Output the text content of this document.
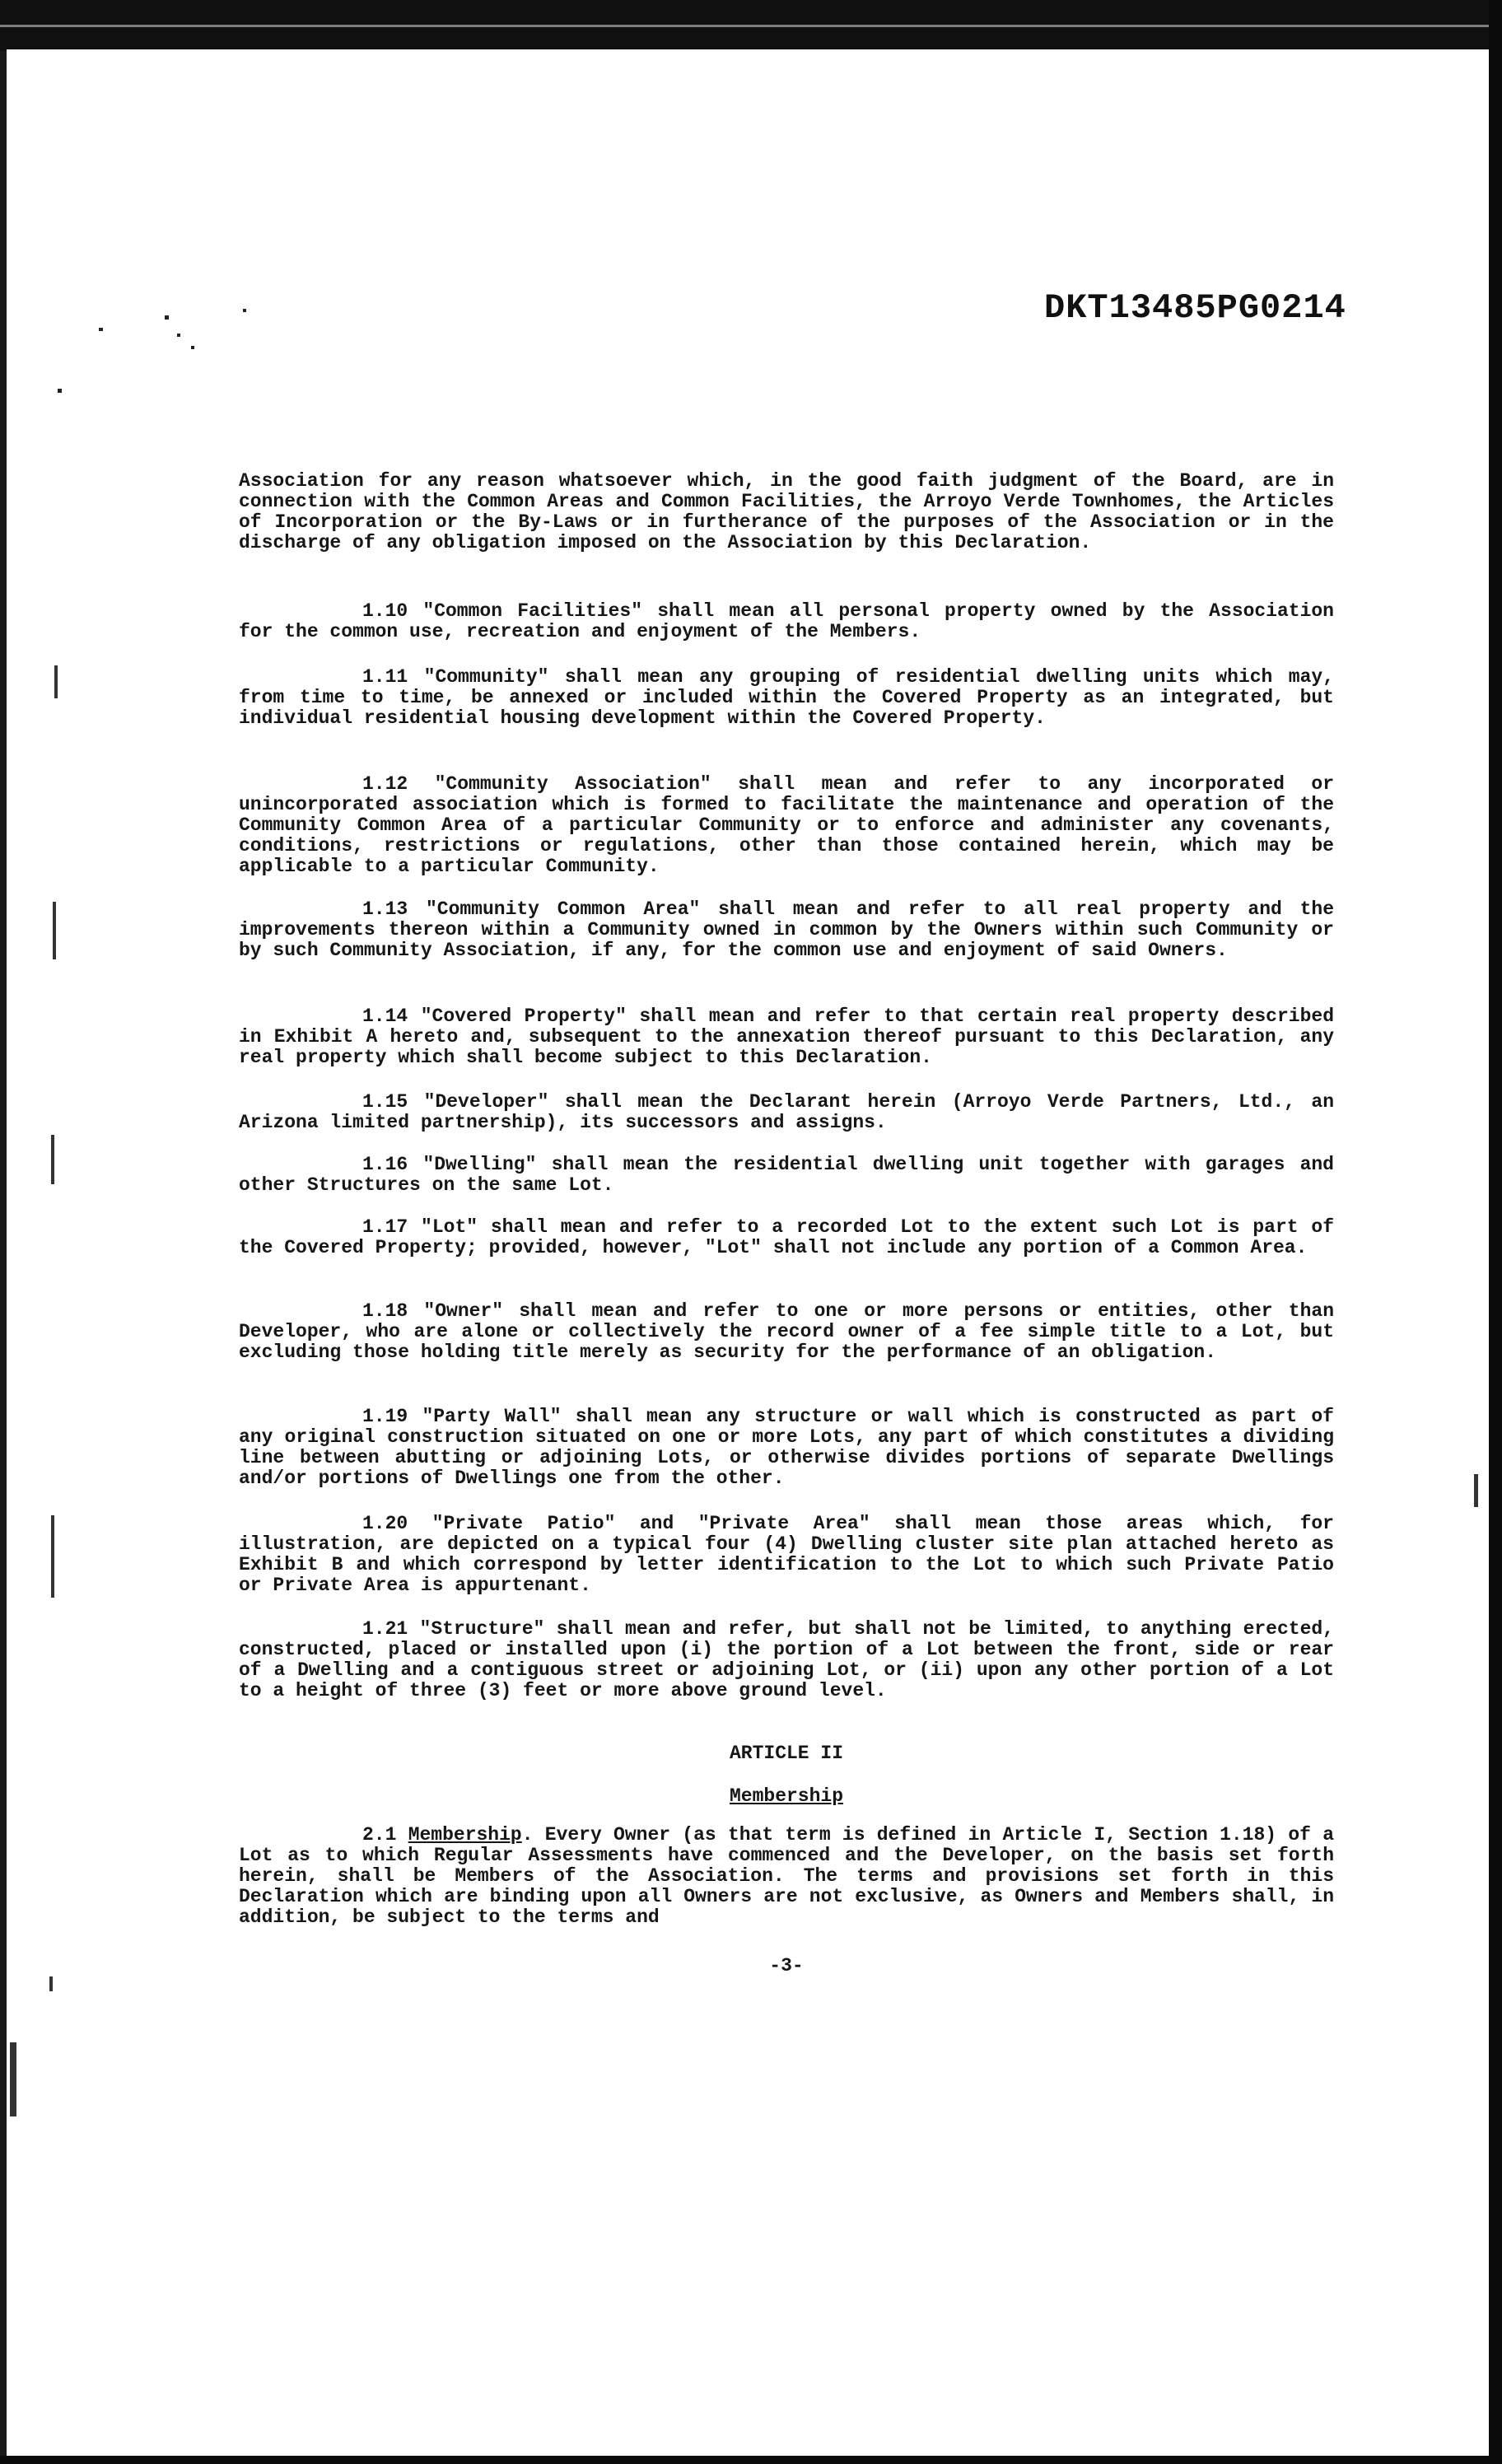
DKT13485PG0214

Association for any reason whatsoever which, in the good faith judgment of the Board, are in connection with the Common Areas and Common Facilities, the Arroyo Verde Townhomes, the Articles of Incorporation or the By-Laws or in furtherance of the purposes of the Association or in the discharge of any obligation imposed on the Association by this Declaration.

1.10 "Common Facilities" shall mean all personal property owned by the Association for the common use, recreation and enjoyment of the Members.

1.11 "Community" shall mean any grouping of residential dwelling units which may, from time to time, be annexed or included within the Covered Property as an integrated, but individual residential housing development within the Covered Property.

1.12 "Community Association" shall mean and refer to any incorporated or unincorporated association which is formed to facilitate the maintenance and operation of the Community Common Area of a particular Community or to enforce and administer any covenants, conditions, restrictions or regulations, other than those contained herein, which may be applicable to a particular Community.

1.13 "Community Common Area" shall mean and refer to all real property and the improvements thereon within a Community owned in common by the Owners within such Community or by such Community Association, if any, for the common use and enjoyment of said Owners.

1.14 "Covered Property" shall mean and refer to that certain real property described in Exhibit A hereto and, subsequent to the annexation thereof pursuant to this Declaration, any real property which shall become subject to this Declaration.

1.15 "Developer" shall mean the Declarant herein (Arroyo Verde Partners, Ltd., an Arizona limited partnership), its successors and assigns.

1.16 "Dwelling" shall mean the residential dwelling unit together with garages and other Structures on the same Lot.

1.17 "Lot" shall mean and refer to a recorded Lot to the extent such Lot is part of the Covered Property; provided, however, "Lot" shall not include any portion of a Common Area.

1.18 "Owner" shall mean and refer to one or more persons or entities, other than Developer, who are alone or collectively the record owner of a fee simple title to a Lot, but excluding those holding title merely as security for the performance of an obligation.

1.19 "Party Wall" shall mean any structure or wall which is constructed as part of any original construction situated on one or more Lots, any part of which constitutes a dividing line between abutting or adjoining Lots, or otherwise divides portions of separate Dwellings and/or portions of Dwellings one from the other.

1.20 "Private Patio" and "Private Area" shall mean those areas which, for illustration, are depicted on a typical four (4) Dwelling cluster site plan attached hereto as Exhibit B and which correspond by letter identification to the Lot to which such Private Patio or Private Area is appurtenant.

1.21 "Structure" shall mean and refer, but shall not be limited, to anything erected, constructed, placed or installed upon (i) the portion of a Lot between the front, side or rear of a Dwelling and a contiguous street or adjoining Lot, or (ii) upon any other portion of a Lot to a height of three (3) feet or more above ground level.

ARTICLE II
Membership

2.1 Membership. Every Owner (as that term is defined in Article I, Section 1.18) of a Lot as to which Regular Assessments have commenced and the Developer, on the basis set forth herein, shall be Members of the Association. The terms and provisions set forth in this Declaration which are binding upon all Owners are not exclusive, as Owners and Members shall, in addition, be subject to the terms and

-3-
